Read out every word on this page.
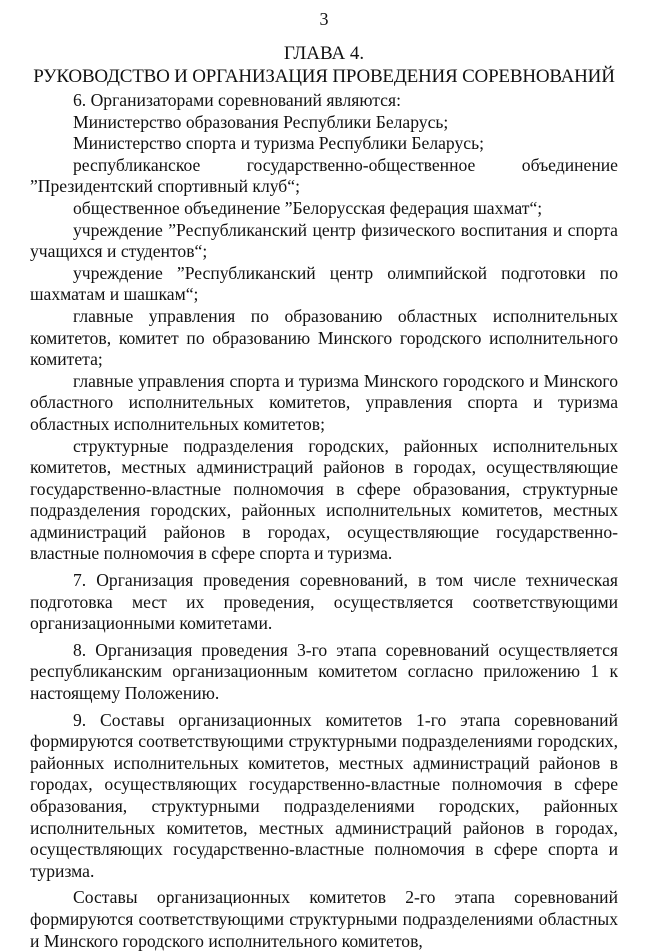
3
ГЛАВА 4.
РУКОВОДСТВО И ОРГАНИЗАЦИЯ ПРОВЕДЕНИЯ СОРЕВНОВАНИЙ

6. Организаторами соревнований являются:

Министерство образования Республики Беларусь;

Министерство спорта и туризма Республики Беларусь;

республиканское государственно-общественное объединение ”Президентский спортивный клуб“;

общественное объединение ”Белорусская федерация шахмат“;

учреждение ”Республиканский центр физического воспитания и спорта учащихся и студентов“;

учреждение ”Республиканский центр олимпийской подготовки по шахматам и шашкам“;

главные управления по образованию областных исполнительных комитетов, комитет по образованию Минского городского исполнительного комитета;

главные управления спорта и туризма Минского городского и Минского областного исполнительных комитетов, управления спорта и туризма областных исполнительных комитетов;

структурные подразделения городских, районных исполнительных комитетов, местных администраций районов в городах, осуществляющие государственно-властные полномочия в сфере образования, структурные подразделения городских, районных исполнительных комитетов, местных администраций районов в городах, осуществляющие государственно-властные полномочия в сфере спорта и туризма.

7. Организация проведения соревнований, в том числе техническая подготовка мест их проведения, осуществляется соответствующими организационными комитетами.

8. Организация проведения 3-го этапа соревнований осуществляется республиканским организационным комитетом согласно приложению 1 к настоящему Положению.

9. Составы организационных комитетов 1-го этапа соревнований формируются соответствующими структурными подразделениями городских, районных исполнительных комитетов, местных администраций районов в городах, осуществляющих государственно-властные полномочия в сфере образования, структурными подразделениями городских, районных исполнительных комитетов, местных администраций районов в городах, осуществляющих государственно-властные полномочия в сфере спорта и туризма.

Составы организационных комитетов 2-го этапа соревнований формируются соответствующими структурными подразделениями областных и Минского городского исполнительного комитетов,
